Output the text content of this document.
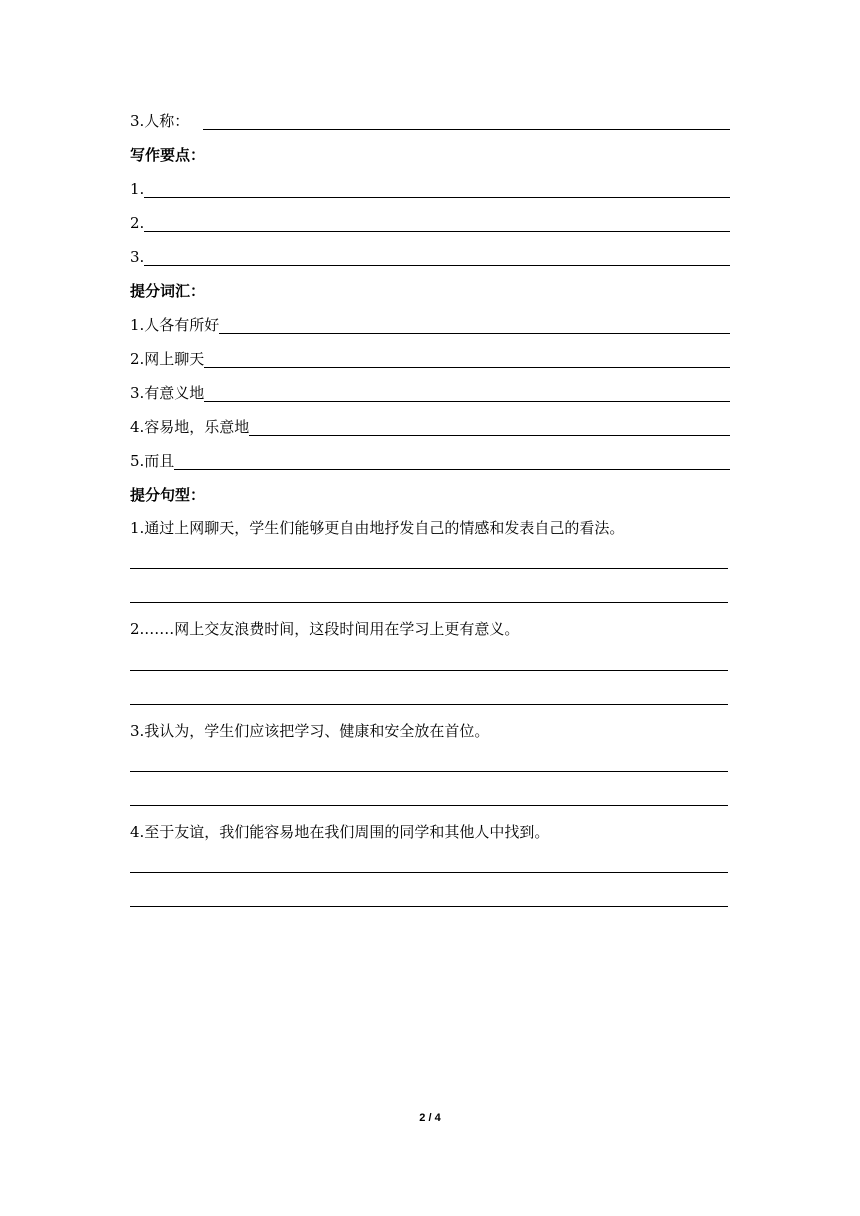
3.人称：
写作要点：
1.
2.
3.
提分词汇：
1.人各有所好
2.网上聊天
3.有意义地
4.容易地，乐意地
5.而且
提分句型：
1.通过上网聊天，学生们能够更自由地抒发自己的情感和发表自己的看法。
2.……网上交友浪费时间，这段时间用在学习上更有意义。
3.我认为，学生们应该把学习、健康和安全放在首位。
4.至于友谊，我们能容易地在我们周围的同学和其他人中找到。
2 / 4
